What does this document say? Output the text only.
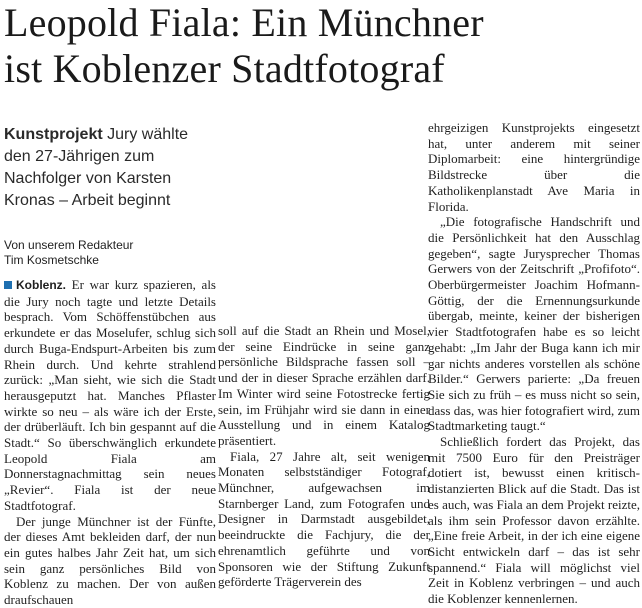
Leopold Fiala: Ein Münchner
ist Koblenzer Stadtfotograf
Kunstprojekt Jury wählte den 27-Jährigen zum Nachfolger von Karsten Kronas – Arbeit beginnt
Von unserem Redakteur
Tim Kosmetschke

Koblenz. Er war kurz spazieren, als die Jury noch tagte und letzte Details besprach. Vom Schöffenstübchen aus erkundete er das Moselufer, schlug sich durch Buga-Endspurt-Arbeiten bis zum Rhein durch. Und kehrte strahlend zurück: „Man sieht, wie sich die Stadt herausgeputzt hat. Manches Pflaster wirkte so neu – als wäre ich der Erste, der drüberläuft. Ich bin gespannt auf die Stadt.“ So überschwänglich erkundete Leopold Fiala am Donnerstagnachmittag sein neues „Revier“. Fiala ist der neue Stadtfotograf.

Der junge Münchner ist der Fünfte, der dieses Amt bekleiden darf, der nun ein gutes halbes Jahr Zeit hat, um sich sein ganz persönliches Bild von Koblenz zu machen. Der von außen draufschauen

soll auf die Stadt an Rhein und Mosel, der seine Eindrücke in seine ganz persönliche Bildsprache fassen soll – und der in dieser Sprache erzählen darf. Im Winter wird seine Fotostrecke fertig sein, im Frühjahr wird sie dann in einer Ausstellung und in einem Katalog präsentiert.

Fiala, 27 Jahre alt, seit wenigen Monaten selbstständiger Fotograf, Münchner, aufgewachsen im Starnberger Land, zum Fotografen und Designer in Darmstadt ausgebildet, beeindruckte die Fachjury, die der ehrenamtlich geführte und von Sponsoren wie der Stiftung Zukunft geförderte Trägerverein des

ehrgeizigen Kunstprojekts eingesetzt hat, unter anderem mit seiner Diplomarbeit: eine hintergründige Bildstrecke über die Katholikenplanstadt Ave Maria in Florida.

„Die fotografische Handschrift und die Persönlichkeit hat den Ausschlag gegeben“, sagte Jurysprecher Thomas Gerwers von der Zeitschrift „Profifoto“. Oberbürgermeister Joachim Hofmann-Göttig, der die Ernennungsurkunde übergab, meinte, keiner der bisherigen vier Stadtfotografen habe es so leicht gehabt: „Im Jahr der Buga kann ich mir gar nichts anderes vorstellen als schöne Bilder.“ Gerwers parierte: „Da freuen Sie sich zu früh – es muss nicht so sein, dass das, was hier fotografiert wird, zum Stadtmarketing taugt.“

Schließlich fordert das Projekt, das mit 7500 Euro für den Preisträger dotiert ist, bewusst einen kritisch-distanzierten Blick auf die Stadt. Das ist es auch, was Fiala an dem Projekt reizte, als ihm sein Professor davon erzählte. „Eine freie Arbeit, in der ich eine eigene Sicht entwickeln darf – das ist sehr spannend.“ Fiala will möglichst viel Zeit in Koblenz verbringen – und auch die Koblenzer kennenlernen.
